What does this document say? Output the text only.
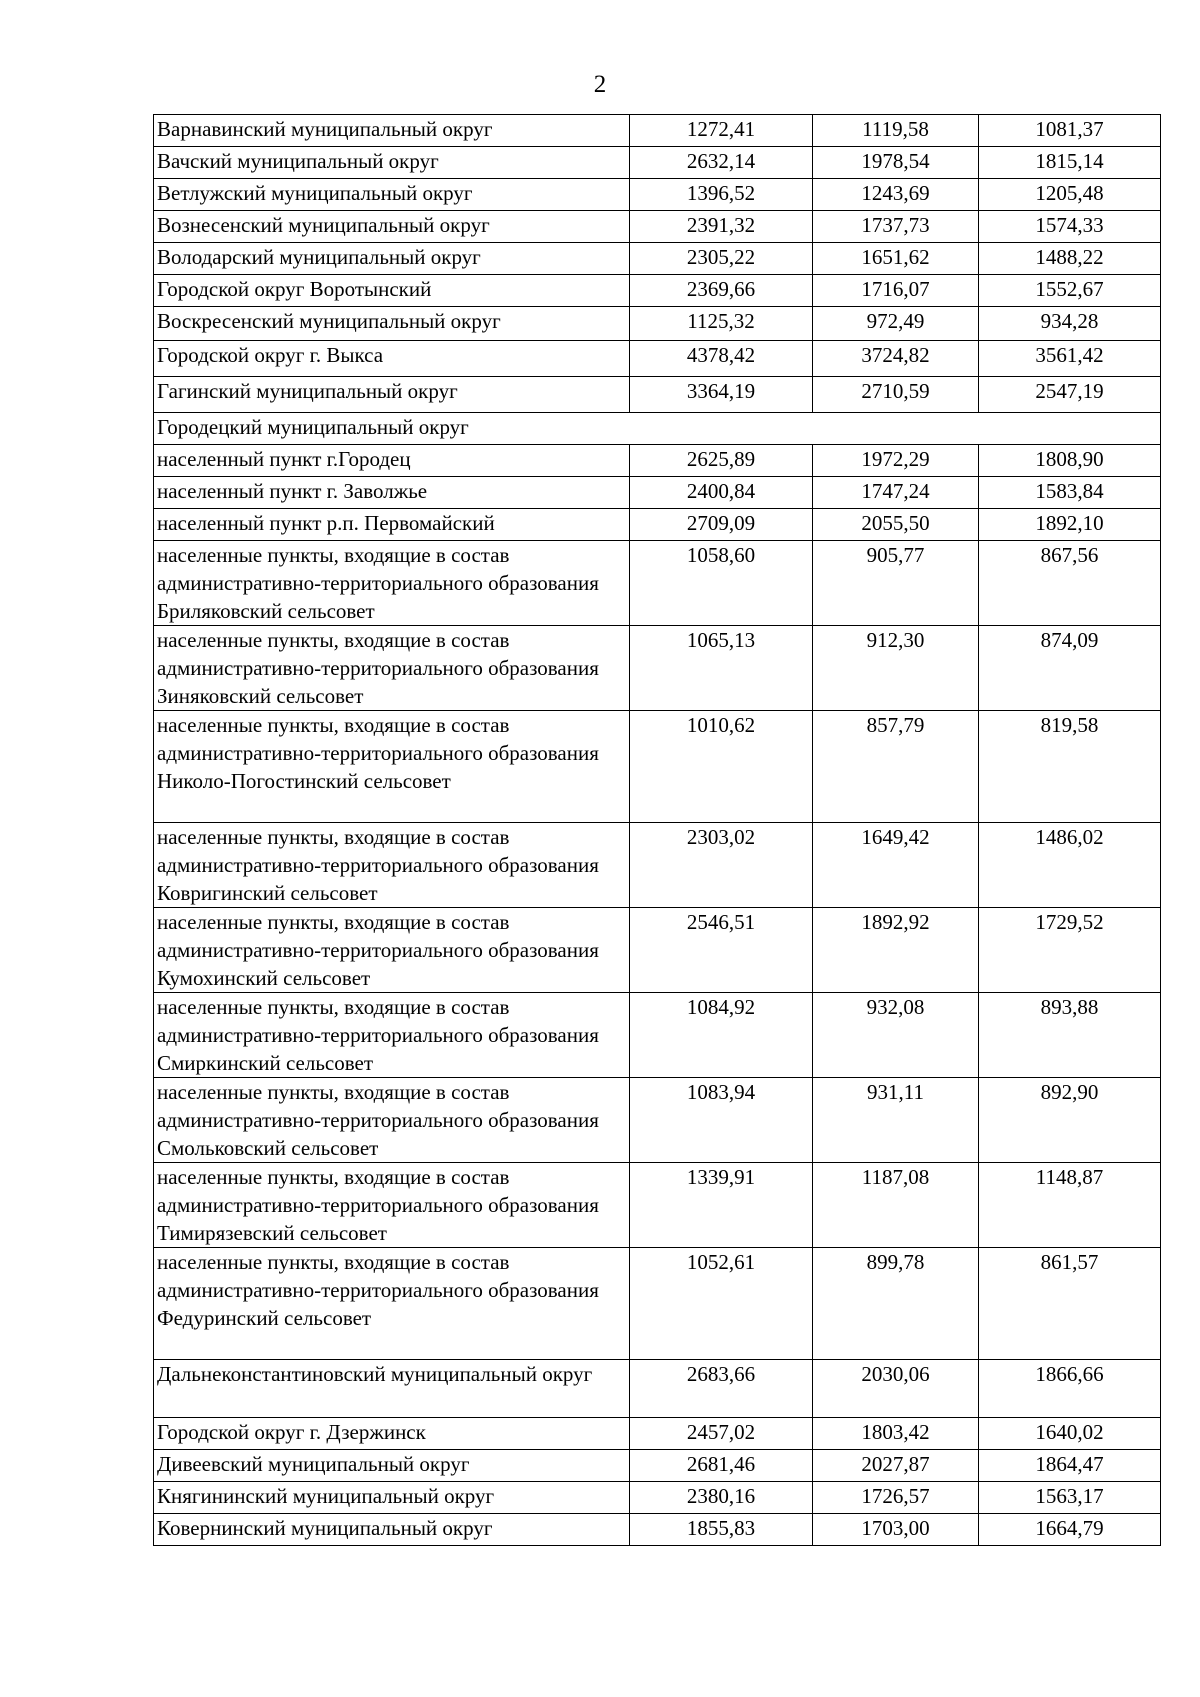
2
Варнавинский муниципальный округ	1272,41	1119,58	1081,37
Вачский муниципальный округ	2632,14	1978,54	1815,14
Ветлужский муниципальный округ	1396,52	1243,69	1205,48
Вознесенский муниципальный округ	2391,32	1737,73	1574,33
Володарский муниципальный округ	2305,22	1651,62	1488,22
Городской округ Воротынский	2369,66	1716,07	1552,67
Воскресенский муниципальный округ	1125,32	972,49	934,28
Городской округ г. Выкса	4378,42	3724,82	3561,42
Гагинский муниципальный округ	3364,19	2710,59	2547,19
Городецкий муниципальный округ			
населенный пункт г.Городец	2625,89	1972,29	1808,90
населенный пункт г. Заволжье	2400,84	1747,24	1583,84
населенный пункт р.п. Первомайский	2709,09	2055,50	1892,10
населенные пункты, входящие в состав административно-территориального образования Бриляковский сельсовет	1058,60	905,77	867,56
населенные пункты, входящие в состав административно-территориального образования Зиняковский сельсовет	1065,13	912,30	874,09
населенные пункты, входящие в состав административно-территориального образования Николо-Погостинский сельсовет	1010,62	857,79	819,58
населенные пункты, входящие в состав административно-территориального образования Ковригинский сельсовет	2303,02	1649,42	1486,02
населенные пункты, входящие в состав административно-территориального образования Кумохинский сельсовет	2546,51	1892,92	1729,52
населенные пункты, входящие в состав административно-территориального образования Смиркинский сельсовет	1084,92	932,08	893,88
населенные пункты, входящие в состав административно-территориального образования Смольковский сельсовет	1083,94	931,11	892,90
населенные пункты, входящие в состав административно-территориального образования Тимирязевский сельсовет	1339,91	1187,08	1148,87
населенные пункты, входящие в состав административно-территориального образования Федуринский сельсовет	1052,61	899,78	861,57
Дальнеконстантиновский муниципальный округ	2683,66	2030,06	1866,66
Городской округ г. Дзержинск	2457,02	1803,42	1640,02
Дивеевский муниципальный округ	2681,46	2027,87	1864,47
Княгининский муниципальный округ	2380,16	1726,57	1563,17
Ковернинский муниципальный округ	1855,83	1703,00	1664,79
